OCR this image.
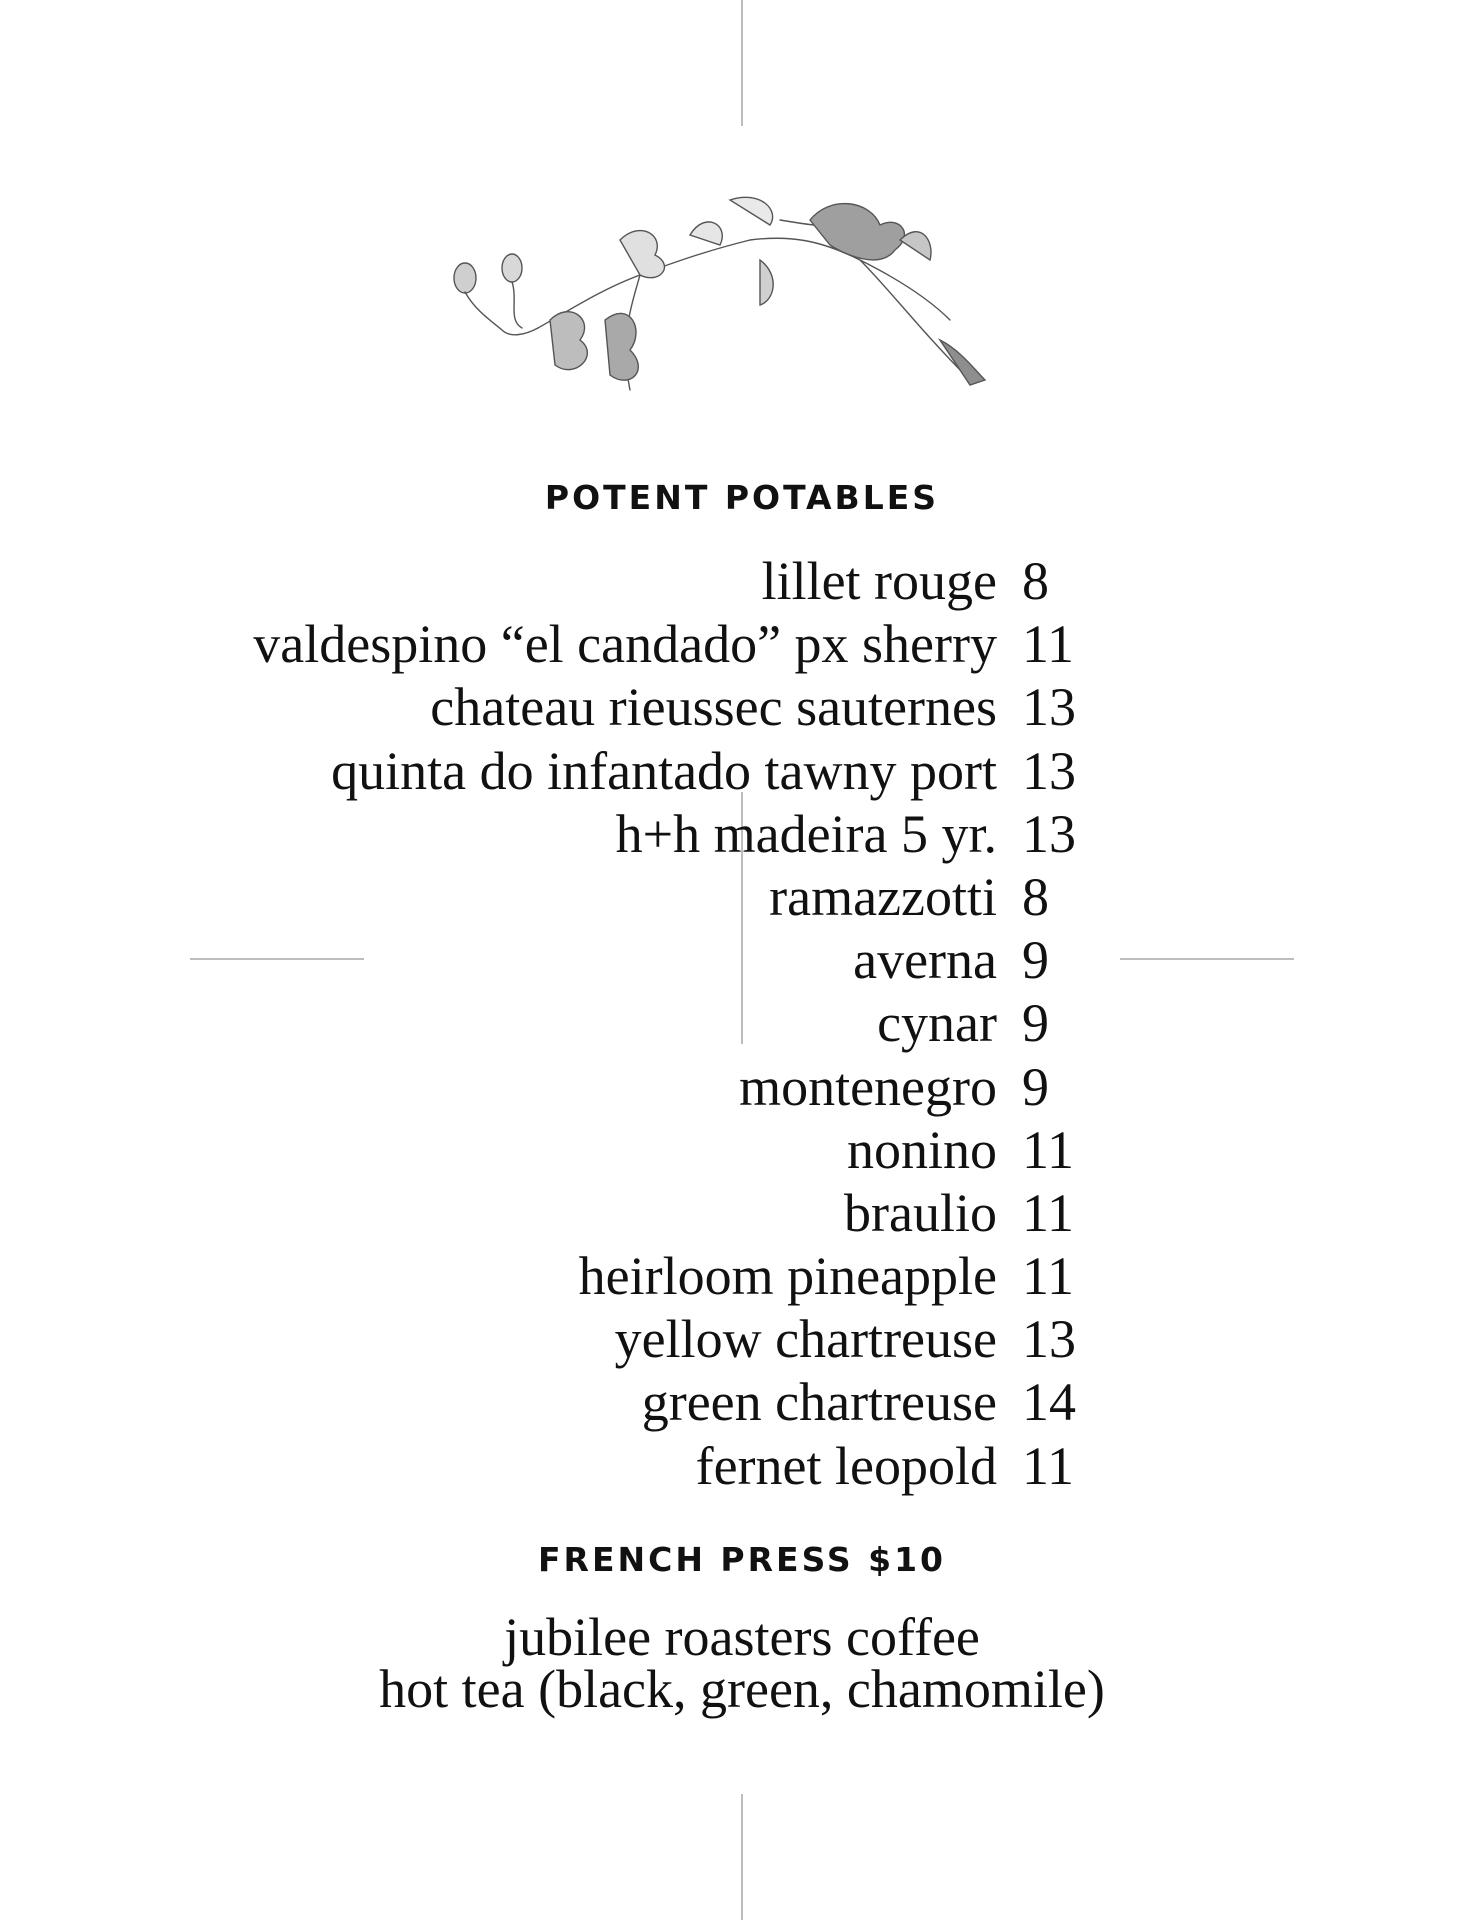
POTENT POTABLES
lillet rouge 8
valdespino “el candado” px sherry 11
chateau rieussec sauternes 13
quinta do infantado tawny port 13
h+h madeira 5 yr. 13
ramazzotti 8
averna 9
cynar 9
montenegro 9
nonino 11
braulio 11
heirloom pineapple 11
yellow chartreuse 13
green chartreuse 14
fernet leopold 11
FRENCH PRESS $10
jubilee roasters coffee
hot tea (black, green, chamomile)
